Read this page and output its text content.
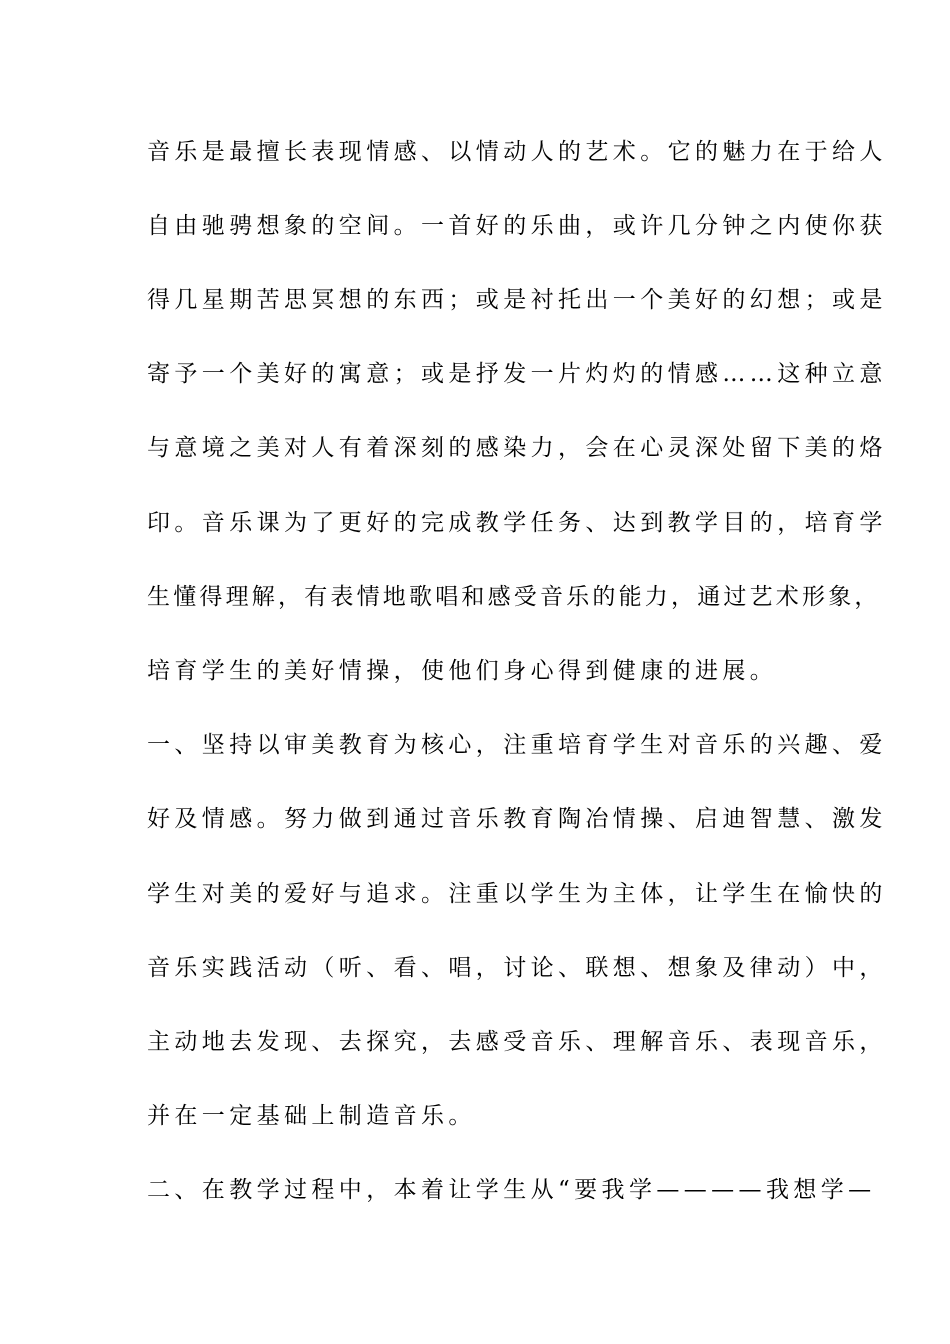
音乐是最擅长表现情感、以情动人的艺术。它的魅力在于给人
自由驰骋想象的空间。一首好的乐曲，或许几分钟之内使你获
得几星期苦思冥想的东西；或是衬托出一个美好的幻想；或是
寄予一个美好的寓意；或是抒发一片灼灼的情感……这种立意
与意境之美对人有着深刻的感染力，会在心灵深处留下美的烙
印。音乐课为了更好的完成教学任务、达到教学目的，培育学
生懂得理解，有表情地歌唱和感受音乐的能力，通过艺术形象，
培育学生的美好情操，使他们身心得到健康的进展。
一、坚持以审美教育为核心，注重培育学生对音乐的兴趣、爱
好及情感。努力做到通过音乐教育陶冶情操、启迪智慧、激发
学生对美的爱好与追求。注重以学生为主体，让学生在愉快的
音乐实践活动（听、看、唱，讨论、联想、想象及律动）中，
主动地去发现、去探究，去感受音乐、理解音乐、表现音乐，
并在一定基础上制造音乐。
二、在教学过程中，本着让学生从“要我学————我想学—
